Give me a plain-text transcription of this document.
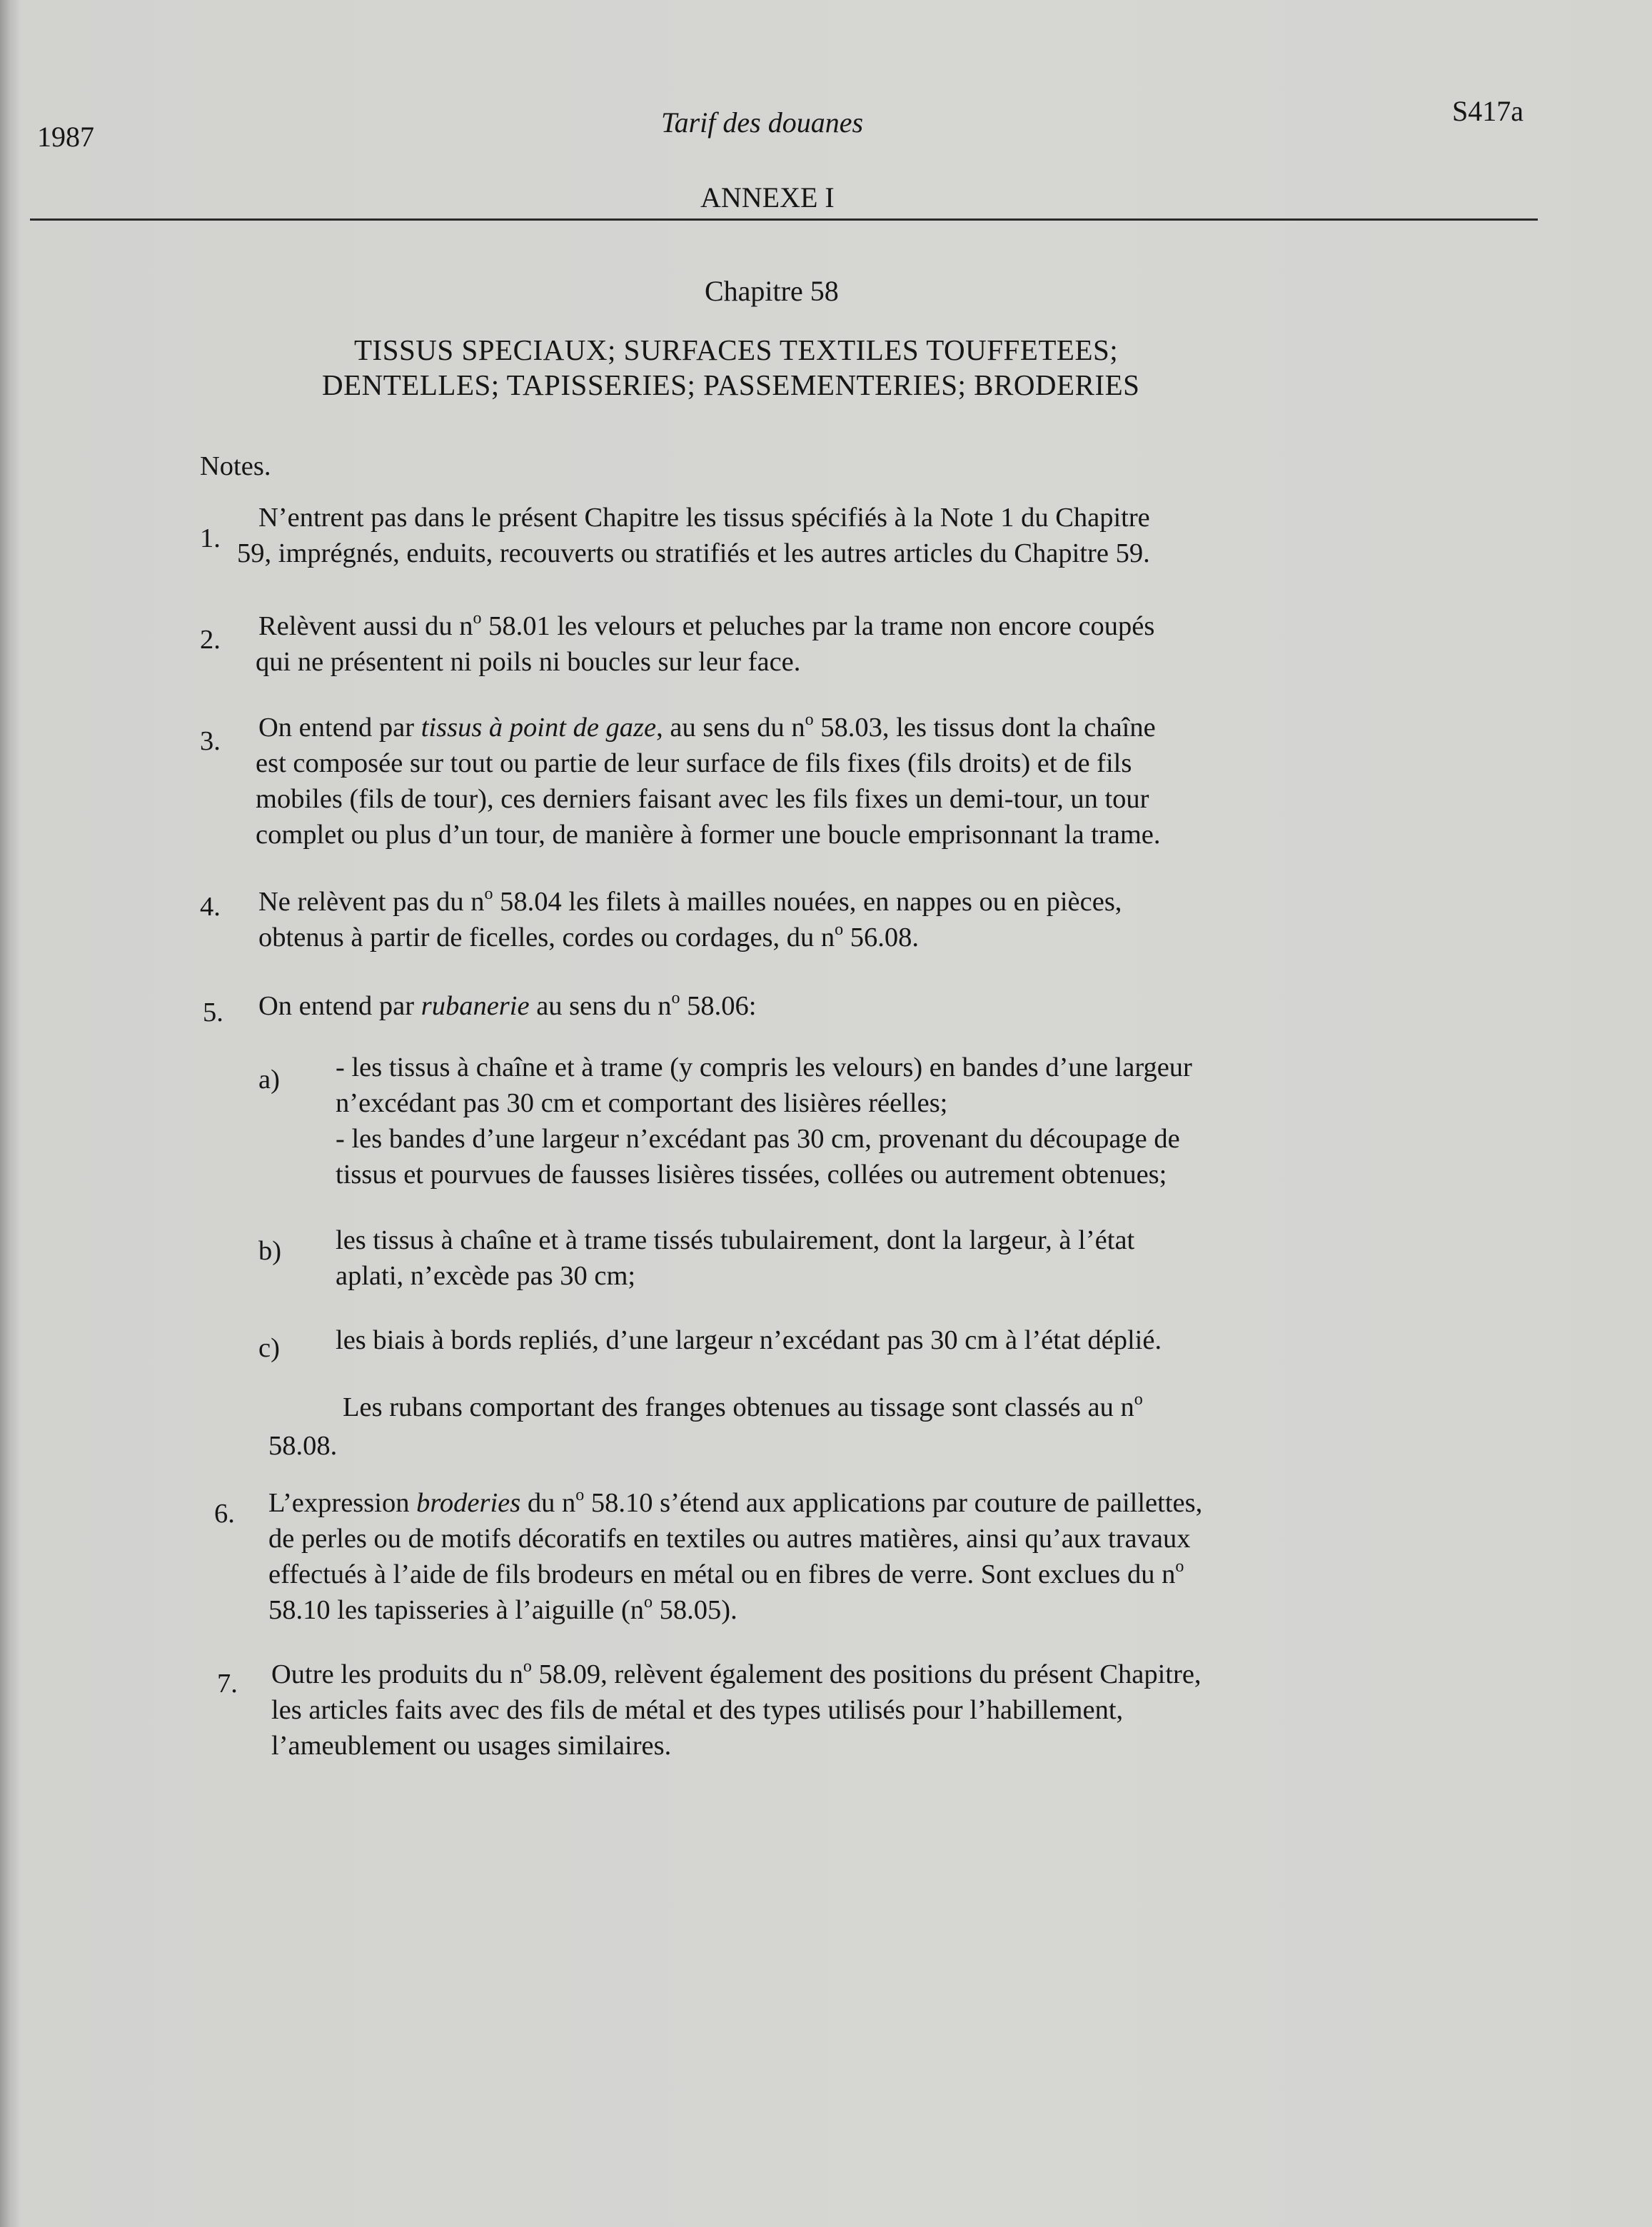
1987	Tarif des douanes	S417a
ANNEXE I
Chapitre 58
TISSUS SPECIAUX; SURFACES TEXTILES TOUFFETEES;
DENTELLES; TAPISSERIES; PASSEMENTERIES; BRODERIES
Notes.
1.
N’entrent pas dans le présent Chapitre les tissus spécifiés à la Note 1 du Chapitre
59, imprégnés, enduits, recouverts ou stratifiés et les autres articles du Chapitre 59.
2. Relèvent aussi du $n^o$ 58.01 les velours et peluches par la trame non encore coupés
qui ne présentent ni poils ni boucles sur leur face.
3. On entend par tissus à point de gaze, au sens du $n^o$ 58.03, les tissus dont la chaîne
est composée sur tout ou partie de leur surface de fils fixes (fils droits) et de fils
mobiles (fils de tour), ces derniers faisant avec les fils fixes un demi-tour, un tour
complet ou plus d’un tour, de manière à former une boucle emprisonnant la trame.
4. Ne relèvent pas du $n^o$ 58.04 les filets à mailles nouées, en nappes ou en pièces,
obtenus à partir de ficelles, cordes ou cordages, du $n^o$ 56.08.
5. On entend par rubanerie au sens du $n^o$ 58.06:
a) - les tissus à chaîne et à trame (y compris les velours) en bandes d’une largeur
n’excédant pas 30 cm et comportant des lisières réelles;
- les bandes d’une largeur n’excédant pas 30 cm, provenant du découpage de
tissus et pourvues de fausses lisières tissées, collées ou autrement obtenues;
b) les tissus à chaîne et à trame tissés tubulairement, dont la largeur, à l’état
aplati, n’excède pas 30 cm;
c) les biais à bords repliés, d’une largeur n’excédant pas 30 cm à l’état déplié.
Les rubans comportant des franges obtenues au tissage sont classés au $n^o$
58.08.
6. L’expression broderies du $n^o$ 58.10 s’étend aux applications par couture de paillettes,
de perles ou de motifs décoratifs en textiles ou autres matières, ainsi qu’aux travaux
effectués à l’aide de fils brodeurs en métal ou en fibres de verre. Sont exclues du $n^o$
58.10 les tapisseries à l’aiguille ($n^o$ 58.05).
7. Outre les produits du $n^o$ 58.09, relèvent également des positions du présent Chapitre,
les articles faits avec des fils de métal et des types utilisés pour l’habillement,
l’ameublement ou usages similaires.
